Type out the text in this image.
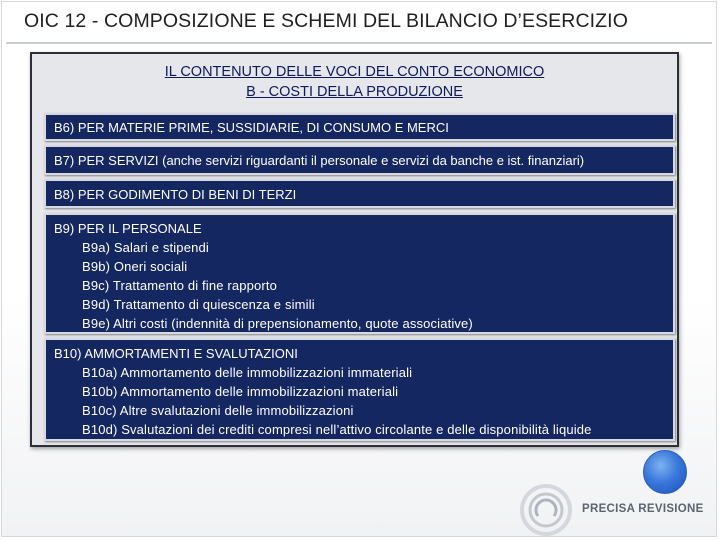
OIC 12 - COMPOSIZIONE E SCHEMI DEL BILANCIO D’ESERCIZIO
IL CONTENUTO DELLE VOCI DEL CONTO ECONOMICO
B - COSTI DELLA PRODUZIONE
B6) PER MATERIE PRIME, SUSSIDIARIE, DI CONSUMO E MERCI
B7) PER SERVIZI (anche servizi riguardanti il personale e servizi da banche e ist. finanziari)
B8) PER GODIMENTO DI BENI DI TERZI
B9) PER IL PERSONALE
B9a) Salari e stipendi
B9b) Oneri sociali
B9c) Trattamento di fine rapporto
B9d) Trattamento di quiescenza e simili
B9e) Altri costi (indennità di prepensionamento, quote associative)
B10) AMMORTAMENTI E SVALUTAZIONI
B10a) Ammortamento delle immobilizzazioni immateriali
B10b) Ammortamento delle immobilizzazioni materiali
B10c) Altre svalutazioni delle immobilizzazioni
B10d) Svalutazioni dei crediti compresi nell’attivo circolante e delle disponibilità liquide
PRECISA REVISIONE
